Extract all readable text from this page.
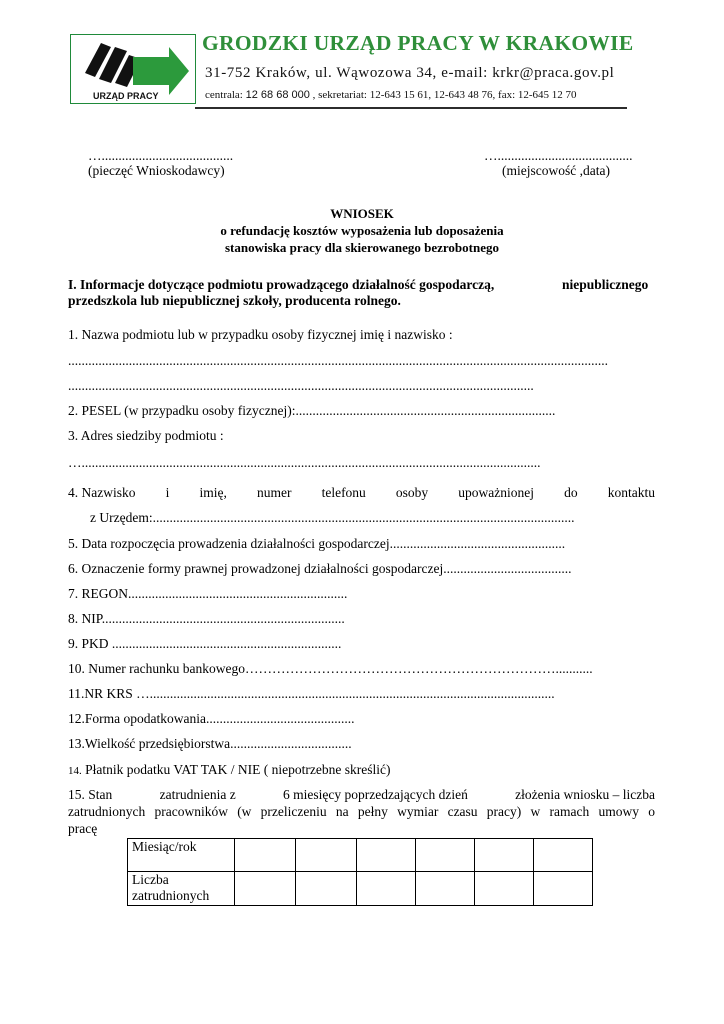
URZĄD PRACY
GRODZKI URZĄD PRACY W KRAKOWIE
31-752 Kraków, ul. Wąwozowa 34, e-mail: krkr@praca.gov.pl
centrala: 12 68 68 000 , sekretariat: 12-643 15 61, 12-643 48 76, fax: 12-645 12 70
….......................................
(pieczęć Wnioskodawcy)
…........................................
(miejscowość ,data)
WNIOSEK
o refundację kosztów wyposażenia lub doposażenia
stanowiska pracy dla skierowanego bezrobotnego
I. Informacje dotyczące podmiotu prowadzącego działalność gospodarczą,	niepublicznego
przedszkola lub niepublicznej szkoły, producenta rolnego.
1. Nazwa podmiotu lub w przypadku osoby fizycznej imię i nazwisko :
................................................................................................................................................................
..........................................................................................................................................
2. PESEL (w przypadku osoby fizycznej):.............................................................................
3. Adres siedziby podmiotu :
…........................................................................................................................................
4. Nazwisko i imię, numer telefonu osoby upoważnionej do kontaktu
z Urzędem:.............................................................................................................................
5. Data rozpoczęcia prowadzenia działalności gospodarczej....................................................
6. Oznaczenie formy prawnej prowadzonej działalności gospodarczej......................................
7. REGON.................................................................
8. NIP........................................................................
9. PKD ....................................................................
10. Numer rachunku bankowego……………………………………………………………...........
11.NR KRS …........................................................................................................................
12.Forma opodatkowania............................................
13.Wielkość przedsiębiorstwa....................................
14. Płatnik podatku VAT TAK / NIE ( niepotrzebne skreślić)
15. Stan	zatrudnienia z	6 miesięcy poprzedzających dzień	złożenia wniosku – liczba
zatrudnionych pracowników (w przeliczeniu na pełny wymiar czasu pracy) w ramach umowy o
pracę
Miesiąc/rok						
Liczba zatrudnionych						
